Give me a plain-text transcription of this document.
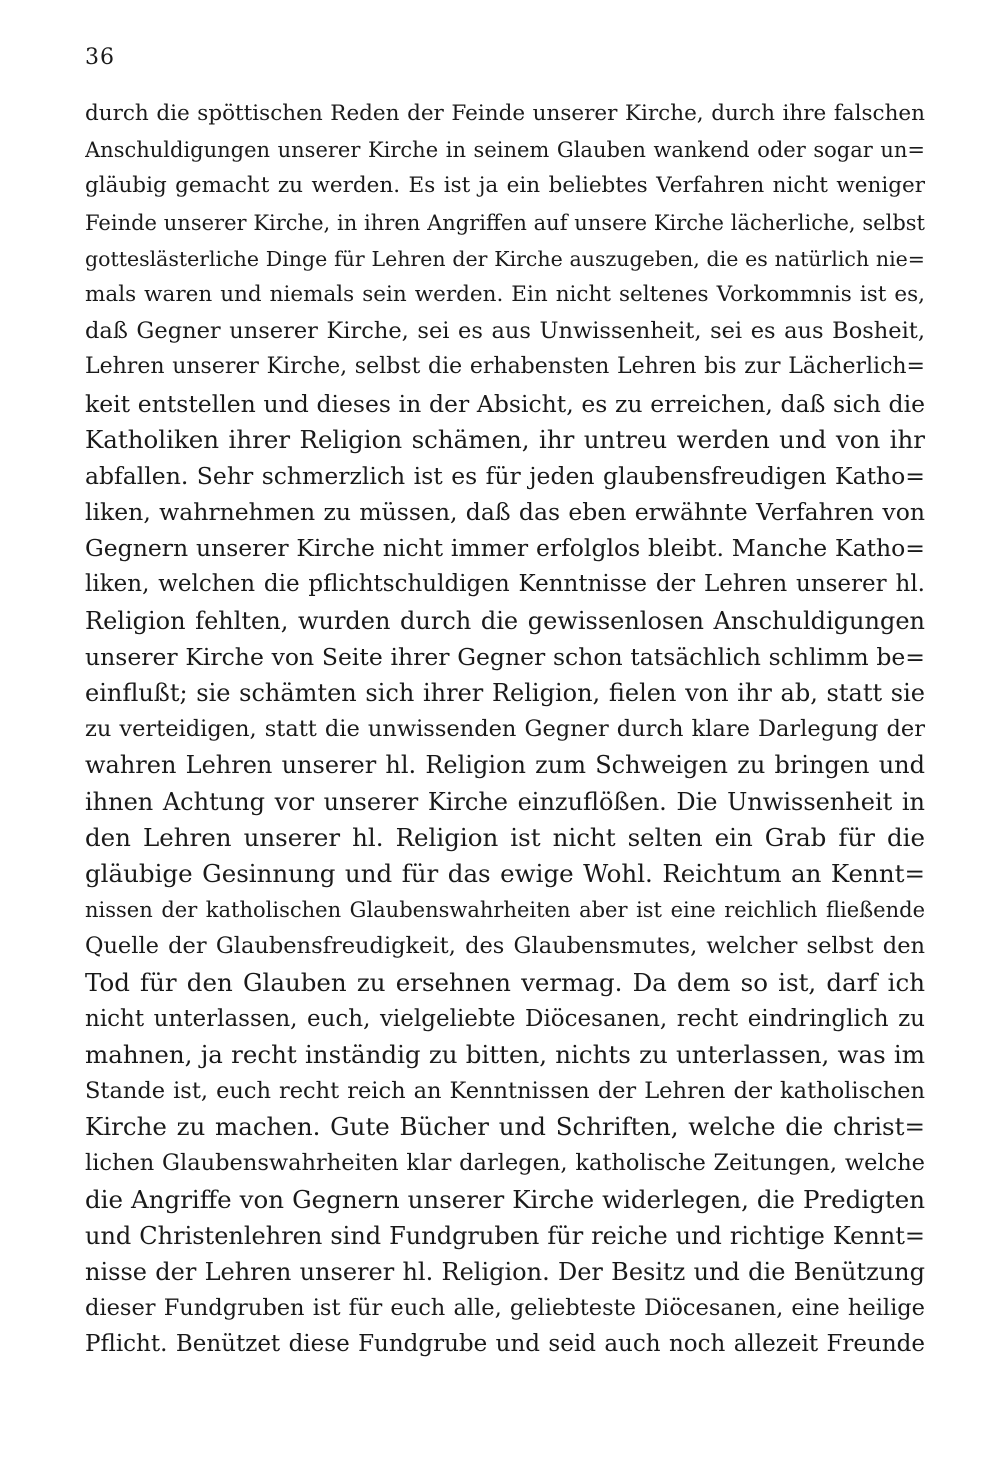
36
durch die spöttischen Reden der Feinde unserer Kirche, durch ihre falschen
Anschuldigungen unserer Kirche in seinem Glauben wankend oder sogar un=
gläubig gemacht zu werden. Es ist ja ein beliebtes Verfahren nicht weniger
Feinde unserer Kirche, in ihren Angriffen auf unsere Kirche lächerliche, selbst
gotteslästerliche Dinge für Lehren der Kirche auszugeben, die es natürlich nie=
mals waren und niemals sein werden. Ein nicht seltenes Vorkommnis ist es,
daß Gegner unserer Kirche, sei es aus Unwissenheit, sei es aus Bosheit,
Lehren unserer Kirche, selbst die erhabensten Lehren bis zur Lächerlich=
keit entstellen und dieses in der Absicht, es zu erreichen, daß sich die
Katholiken ihrer Religion schämen, ihr untreu werden und von ihr
abfallen. Sehr schmerzlich ist es für jeden glaubensfreudigen Katho=
liken, wahrnehmen zu müssen, daß das eben erwähnte Verfahren von
Gegnern unserer Kirche nicht immer erfolglos bleibt. Manche Katho=
liken, welchen die pflichtschuldigen Kenntnisse der Lehren unserer hl.
Religion fehlten, wurden durch die gewissenlosen Anschuldigungen
unserer Kirche von Seite ihrer Gegner schon tatsächlich schlimm be=
einflußt; sie schämten sich ihrer Religion, fielen von ihr ab, statt sie
zu verteidigen, statt die unwissenden Gegner durch klare Darlegung der
wahren Lehren unserer hl. Religion zum Schweigen zu bringen und
ihnen Achtung vor unserer Kirche einzuflößen. Die Unwissenheit in
den Lehren unserer hl. Religion ist nicht selten ein Grab für die
gläubige Gesinnung und für das ewige Wohl. Reichtum an Kennt=
nissen der katholischen Glaubenswahrheiten aber ist eine reichlich fließende
Quelle der Glaubensfreudigkeit, des Glaubensmutes, welcher selbst den
Tod für den Glauben zu ersehnen vermag. Da dem so ist, darf ich
nicht unterlassen, euch, vielgeliebte Diöcesanen, recht eindringlich zu
mahnen, ja recht inständig zu bitten, nichts zu unterlassen, was im
Stande ist, euch recht reich an Kenntnissen der Lehren der katholischen
Kirche zu machen. Gute Bücher und Schriften, welche die christ=
lichen Glaubenswahrheiten klar darlegen, katholische Zeitungen, welche
die Angriffe von Gegnern unserer Kirche widerlegen, die Predigten
und Christenlehren sind Fundgruben für reiche und richtige Kennt=
nisse der Lehren unserer hl. Religion. Der Besitz und die Benützung
dieser Fundgruben ist für euch alle, geliebteste Diöcesanen, eine heilige
Pflicht. Benützet diese Fundgrube und seid auch noch allezeit Freunde
